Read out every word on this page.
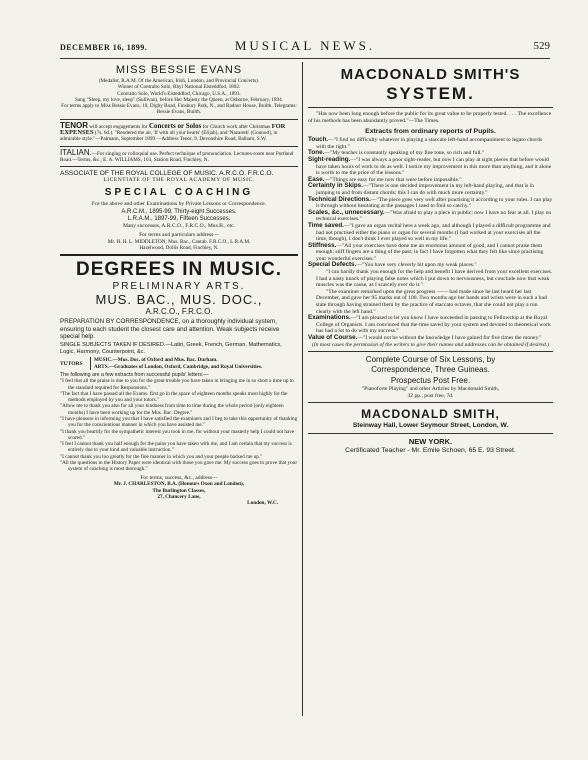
DECEMBER 16, 1899.	MUSICAL NEWS.	529
MISS BESSIE EVANS
(Medalist, R.A.M. Of the American, Irish, London, and Provincial Concerts).
Winner of Contralto Solo, Rhyl National Eisteddfod, 1892.
Contralto Solo, World's Eisteddfod, Chicago, U.S.A., 1893.
Sang "Sleep, my love, sleep" (Sullivan), before Her Majesty the Queen, at Osborne, February, 1894.
For terms apply to Miss Bessie Evans, 10, Digby Road, Finsbury Park, N., and Radnor House, Builth. Telegrams: Bessie Evans, Builth.
TENOR will accept engagements for Concerts or Solos for Church work after Christmas FOR EXPENSES (7s. 6d.). "Rendered the air, 'If with all your hearts' (Elijah), and 'Nazareth' (Gounod), in admirable style."—Palmann, September 1899.—Address Tenor, 9, Devonshire Road, Balham, S.W.
ITALIAN.—For singing or colloquial use. Perfect technique of pronunciation. Lectures-room near Portland Road.—Terms, &c., E. A. WILLIAMS, 103, Station Road, Finchley, N.
ASSOCIATE OF THE ROYAL COLLEGE OF MUSIC. A.R.C.O. F.R.C.O.
LICENTIATE OF THE ROYAL ACADEMY OF MUSIC.
SPECIAL COACHING
For the above and other Examinations by Private Lessons or Correspondence.
A.R.C.M., 1895-99, Thirty-eight Successes.
L.R.A.M., 1897-99, Fifteen Successes.
Many successes, A.R.C.O., F.R.C.O., Mus.B., etc.
For terms and particulars address—
Mr. H. H. L. MIDDLETON, Mus. Bac., Cantab. F.R.C.O., L.R.A.M.
Hazelwood, Dollis Road, Finchley, N.
DEGREES IN MUSIC.
PRELIMINARY ARTS.
MUS. BAC., MUS. DOC.,
A.R.C.O., F.R.C.O.
PREPARATION BY CORRESPONDENCE, on a thoroughly individual system, ensuring to each student the closest care and attention. Weak subjects receive special help.
SINGLE SUBJECTS TAKEN IF DESIRED.—Latin, Greek, French, German, Mathematics, Logic, Harmony, Counterpoint, &c.
TUTORS
MUSIC.—Mus. Doc. of Oxford and Mus. Bac. Durham.
ARTS.—Graduates of London, Oxford, Cambridge, and Royal Universities.
The following are a few extracts from successful pupils' letters:—
"I feel that all the praise is due to you for the great trouble you have taken in bringing me in so short a time up to the standard required for Responsions."
"The fact that I have passed all the Exams. first go in the space of eighteen months speaks most highly for the methods employed by you and your tutors."
"Allow me to thank you also for all your kindness from time to time during the whole period (only eighteen months) I have been working up for the Mus. Bac. Degree."
"I have pleasure in informing you that I have satisfied the examiners and I beg to take this opportunity of thanking you for the conscientious manner in which you have assisted me."
"I thank you heartily for the sympathetic interest you took in me, for without your masterly help I could not have scored."
"I feel I cannot thank you half enough for the pains you have taken with me, and I am certain that my success is entirely due to your kind and valuable instruction."
"I cannot thank you too greatly for the fine manner in which you and your people backed me up."
"All the questions in the History Paper were identical with those you gave me. My success goes to prove that your system of coaching is most thorough."
For terms, success, &c., address—
Mr. J. CHARLESTON, B.A. (Honours Oxon and London),
The Burlington Classes,
27, Chancery Lane,
London, W.C.
MACDONALD SMITH'S
SYSTEM.
"Has now been long enough before the public for its great value to be properly tested. . . . The excellence of his methods has been abundantly proved."—The Times.
Extracts from ordinary reports of Pupils.
Touch.—"I find no difficulty whatever in playing a staccato left-hand accompaniment to legato chords with the right."
Tone.—"My teacher is constantly speaking of my fine tone, so rich and full."
Sight-reading.—"I was always a poor sight-reader, but now I can play at sight pieces that before would have taken hours of work to do as well. I notice my improvement in this more than anything, and it alone is worth to me the price of the lessons."
Ease.—"Things are easy for me now that were before impossible."
Certainty in Skips.—"There is one decided improvement in my left-hand playing, and that is in jumping to and from distant chords; this I can do with much more certainty."
Technical Directions.—"The piece goes very well after practising it according to your rules. I can play it through without hesitating at the passages I used to find so catchy."
Scales, &c., unnecessary.—"Was afraid to play a piece in public; now I have no fear at all. I play no technical exercises."
Time saved.—"I gave an organ recital here a week ago, and although I played a difficult programme and had not practised either the piano or organ for several months (I had worked at your exercises all the time, though), I don't think I ever played so well in my life."
Stiffness.—"All your exercises have done me an enormous amount of good, and I cannot praise them enough; stiff fingers are a thing of the past; in fact I have forgotten what they felt like since practising your wonderful exercises."
Special Defects.—"You have very cleverly hit upon my weak places."
"I can hardly thank you enough for the help and benefit I have derived from your excellent exercises. I had a nasty knack of playing false notes which I put down to nervousness, but conclude now that weak muscles was the cause, as I scarcely ever do it."
"The examiner remarked upon the great progress —— had made since he last heard her last December, and gave her 95 marks out of 100. Two months ago her hands and wrists were in such a bad state through having strained them by the practice of staccato octaves, that she could not play a run clearly with the left hand."
Examinations.—"I am pleased to let you know I have succeeded in passing to Fellowship at the Royal College of Organists. I am convinced that the time saved by your system and devoted to theoretical work has had a lot to do with my success."
Value of Course.—"I would not be without the knowledge I have gained for five times the money."
(In most cases the permission of the writers to give their names and addresses can be obtained if desired.)
Complete Course of Six Lessons, by
Correspondence, Three Guineas.
Prospectus Post Free.
"Pianoforte Playing" and other Articles by Macdonald Smith,
32 pp., post free, 7d.
MACDONALD SMITH,
Steinway Hall, Lower Seymour Street, London, W.
NEW YORK.
Certificated Teacher - Mr. Emile Schoen, 65 E. 93 Street.
